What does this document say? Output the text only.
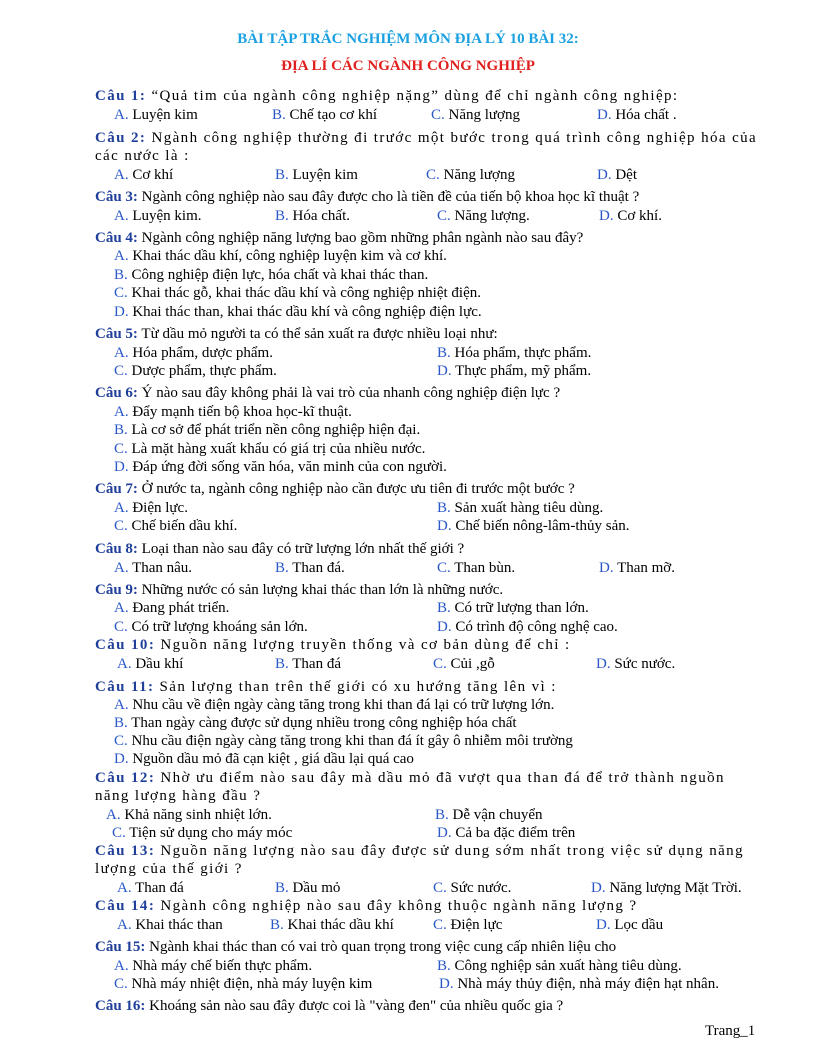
BÀI TẬP TRẮC NGHIỆM MÔN ĐỊA LÝ 10 BÀI 32:
ĐỊA LÍ CÁC NGÀNH CÔNG NGHIỆP
Câu 1: “Quả tim của ngành công nghiệp nặng” dùng để chỉ ngành công nghiệp:
A. Luyện kim	B. Chế tạo cơ khí	C. Năng lượng	D. Hóa chất .
Câu 2: Ngành công nghiệp thường đi trước một bước trong quá trình công nghiệp hóa của các nước là :
A. Cơ khí	B. Luyện kim	C. Năng lượng	D. Dệt
Câu 3: Ngành công nghiệp nào sau đây được cho là tiền đề của tiến bộ khoa học kĩ thuật ?
A. Luyện kim.	B. Hóa chất.	C. Năng lượng.	D. Cơ khí.
Câu 4: Ngành công nghiệp năng lượng bao gồm những phân ngành nào sau đây?
A. Khai thác dầu khí, công nghiệp luyện kim và cơ khí.
B. Công nghiệp điện lực, hóa chất và khai thác than.
C. Khai thác gỗ, khai thác dầu khí và công nghiệp nhiệt điện.
D. Khai thác than, khai thác dầu khí và công nghiệp điện lực.
Câu 5: Từ dầu mỏ người ta có thể sản xuất ra được nhiều loại như:
A. Hóa phẩm, dược phẩm.	B. Hóa phẩm, thực phẩm.
C. Dược phẩm, thực phẩm.	D. Thực phẩm, mỹ phẩm.
Câu 6: Ý nào sau đây không phải là vai trò của nhanh công nghiệp điện lực ?
A. Đẩy mạnh tiến bộ khoa học-kĩ thuật.
B. Là cơ sở để phát triển nền công nghiệp hiện đại.
C. Là mặt hàng xuất khẩu có giá trị của nhiều nước.
D. Đáp ứng đời sống văn hóa, văn minh của con người.
Câu 7: Ở nước ta, ngành công nghiệp nào cần được ưu tiên đi trước một bước ?
A. Điện lực.	B. Sản xuất hàng tiêu dùng.
C. Chế biến dầu khí.	D. Chế biến nông-lâm-thủy sản.
Câu 8: Loại than nào sau đây có trữ lượng lớn nhất thế giới ?
A. Than nâu.	B. Than đá.	C. Than bùn.	D. Than mỡ.
Câu 9: Những nước có sản lượng khai thác than lớn là những nước.
A. Đang phát triển.	B. Có trữ lượng than lớn.
C. Có trữ lượng khoáng sản lớn.	D. Có trình độ công nghệ cao.
Câu 10: Nguồn năng lượng truyền thống và cơ bản dùng để chỉ :
A. Dầu khí	B. Than đá	C. Củi ,gỗ	D. Sức nước.
Câu 11: Sản lượng than trên thế giới có xu hướng tăng lên vì :
A. Nhu cầu về điện ngày càng tăng trong khi than đá lại có trữ lượng lớn.
B. Than ngày càng được sử dụng nhiều trong công nghiệp hóa chất
C. Nhu cầu điện ngày càng tăng trong khi than đá ít gây ô nhiễm môi trường
D. Nguồn dầu mỏ đã cạn kiệt , giá dầu lại quá cao
Câu 12: Nhờ ưu điểm nào sau đây mà dầu mỏ đã vượt qua than đá để trở thành nguồn năng lượng hàng đầu ?
A. Khả năng sinh nhiệt lớn.	B. Dễ vận chuyển
C. Tiện sử dụng cho máy móc	D. Cả ba đặc điểm trên
Câu 13: Nguồn năng lượng nào sau đây được sử dung sớm nhất trong việc sử dụng năng lượng của thế giới ?
A. Than đá	B. Dầu mỏ	C. Sức nước.	D. Năng lượng Mặt Trời.
Câu 14: Ngành công nghiệp nào sau đây không thuộc ngành năng lượng ?
A. Khai thác than	B. Khai thác dầu khí	C. Điện lực	D. Lọc dầu
Câu 15: Ngành khai thác than có vai trò quan trọng trong việc cung cấp nhiên liệu cho
A. Nhà máy chế biến thực phẩm.	B. Công nghiệp sản xuất hàng tiêu dùng.
C. Nhà máy nhiệt điện, nhà máy luyện kim	D. Nhà máy thủy điện, nhà máy điện hạt nhân.
Câu 16: Khoáng sản nào sau đây được coi là "vàng đen" của nhiều quốc gia ?
Trang_1
